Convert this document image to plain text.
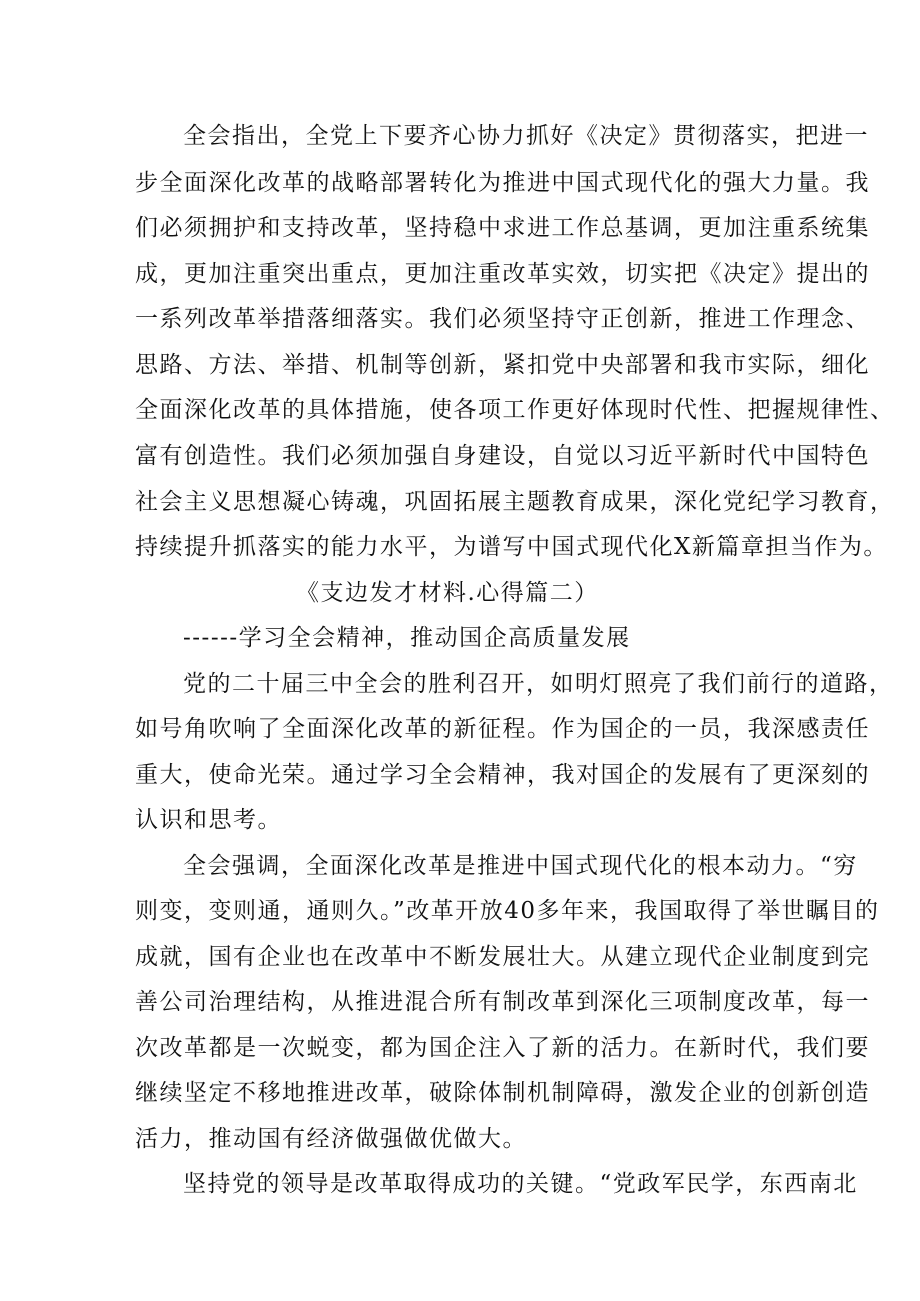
全会指出，全党上下要齐心协力抓好《决定》贯彻落实，把进一
步全面深化改革的战略部署转化为推进中国式现代化的强大力量。我
们必须拥护和支持改革，坚持稳中求进工作总基调，更加注重系统集
成，更加注重突出重点，更加注重改革实效，切实把《决定》提出的
一系列改革举措落细落实。我们必须坚持守正创新，推进工作理念、
思路、方法、举措、机制等创新，紧扣党中央部署和我市实际，细化
全面深化改革的具体措施，使各项工作更好体现时代性、把握规律性、
富有创造性。我们必须加强自身建设，自觉以习近平新时代中国特色
社会主义思想凝心铸魂，巩固拓展主题教育成果，深化党纪学习教育，
持续提升抓落实的能力水平，为谱写中国式现代化X新篇章担当作为。
《支边发才材料.心得篇二）
------学习全会精神，推动国企高质量发展
党的二十届三中全会的胜利召开，如明灯照亮了我们前行的道路，
如号角吹响了全面深化改革的新征程。作为国企的一员，我深感责任
重大，使命光荣。通过学习全会精神，我对国企的发展有了更深刻的
认识和思考。
全会强调，全面深化改革是推进中国式现代化的根本动力。“穷
则变，变则通，通则久。”改革开放40多年来，我国取得了举世瞩目的
成就，国有企业也在改革中不断发展壮大。从建立现代企业制度到完
善公司治理结构，从推进混合所有制改革到深化三项制度改革，每一
次改革都是一次蜕变，都为国企注入了新的活力。在新时代，我们要
继续坚定不移地推进改革，破除体制机制障碍，激发企业的创新创造
活力，推动国有经济做强做优做大。
坚持党的领导是改革取得成功的关键。“党政军民学，东西南北
